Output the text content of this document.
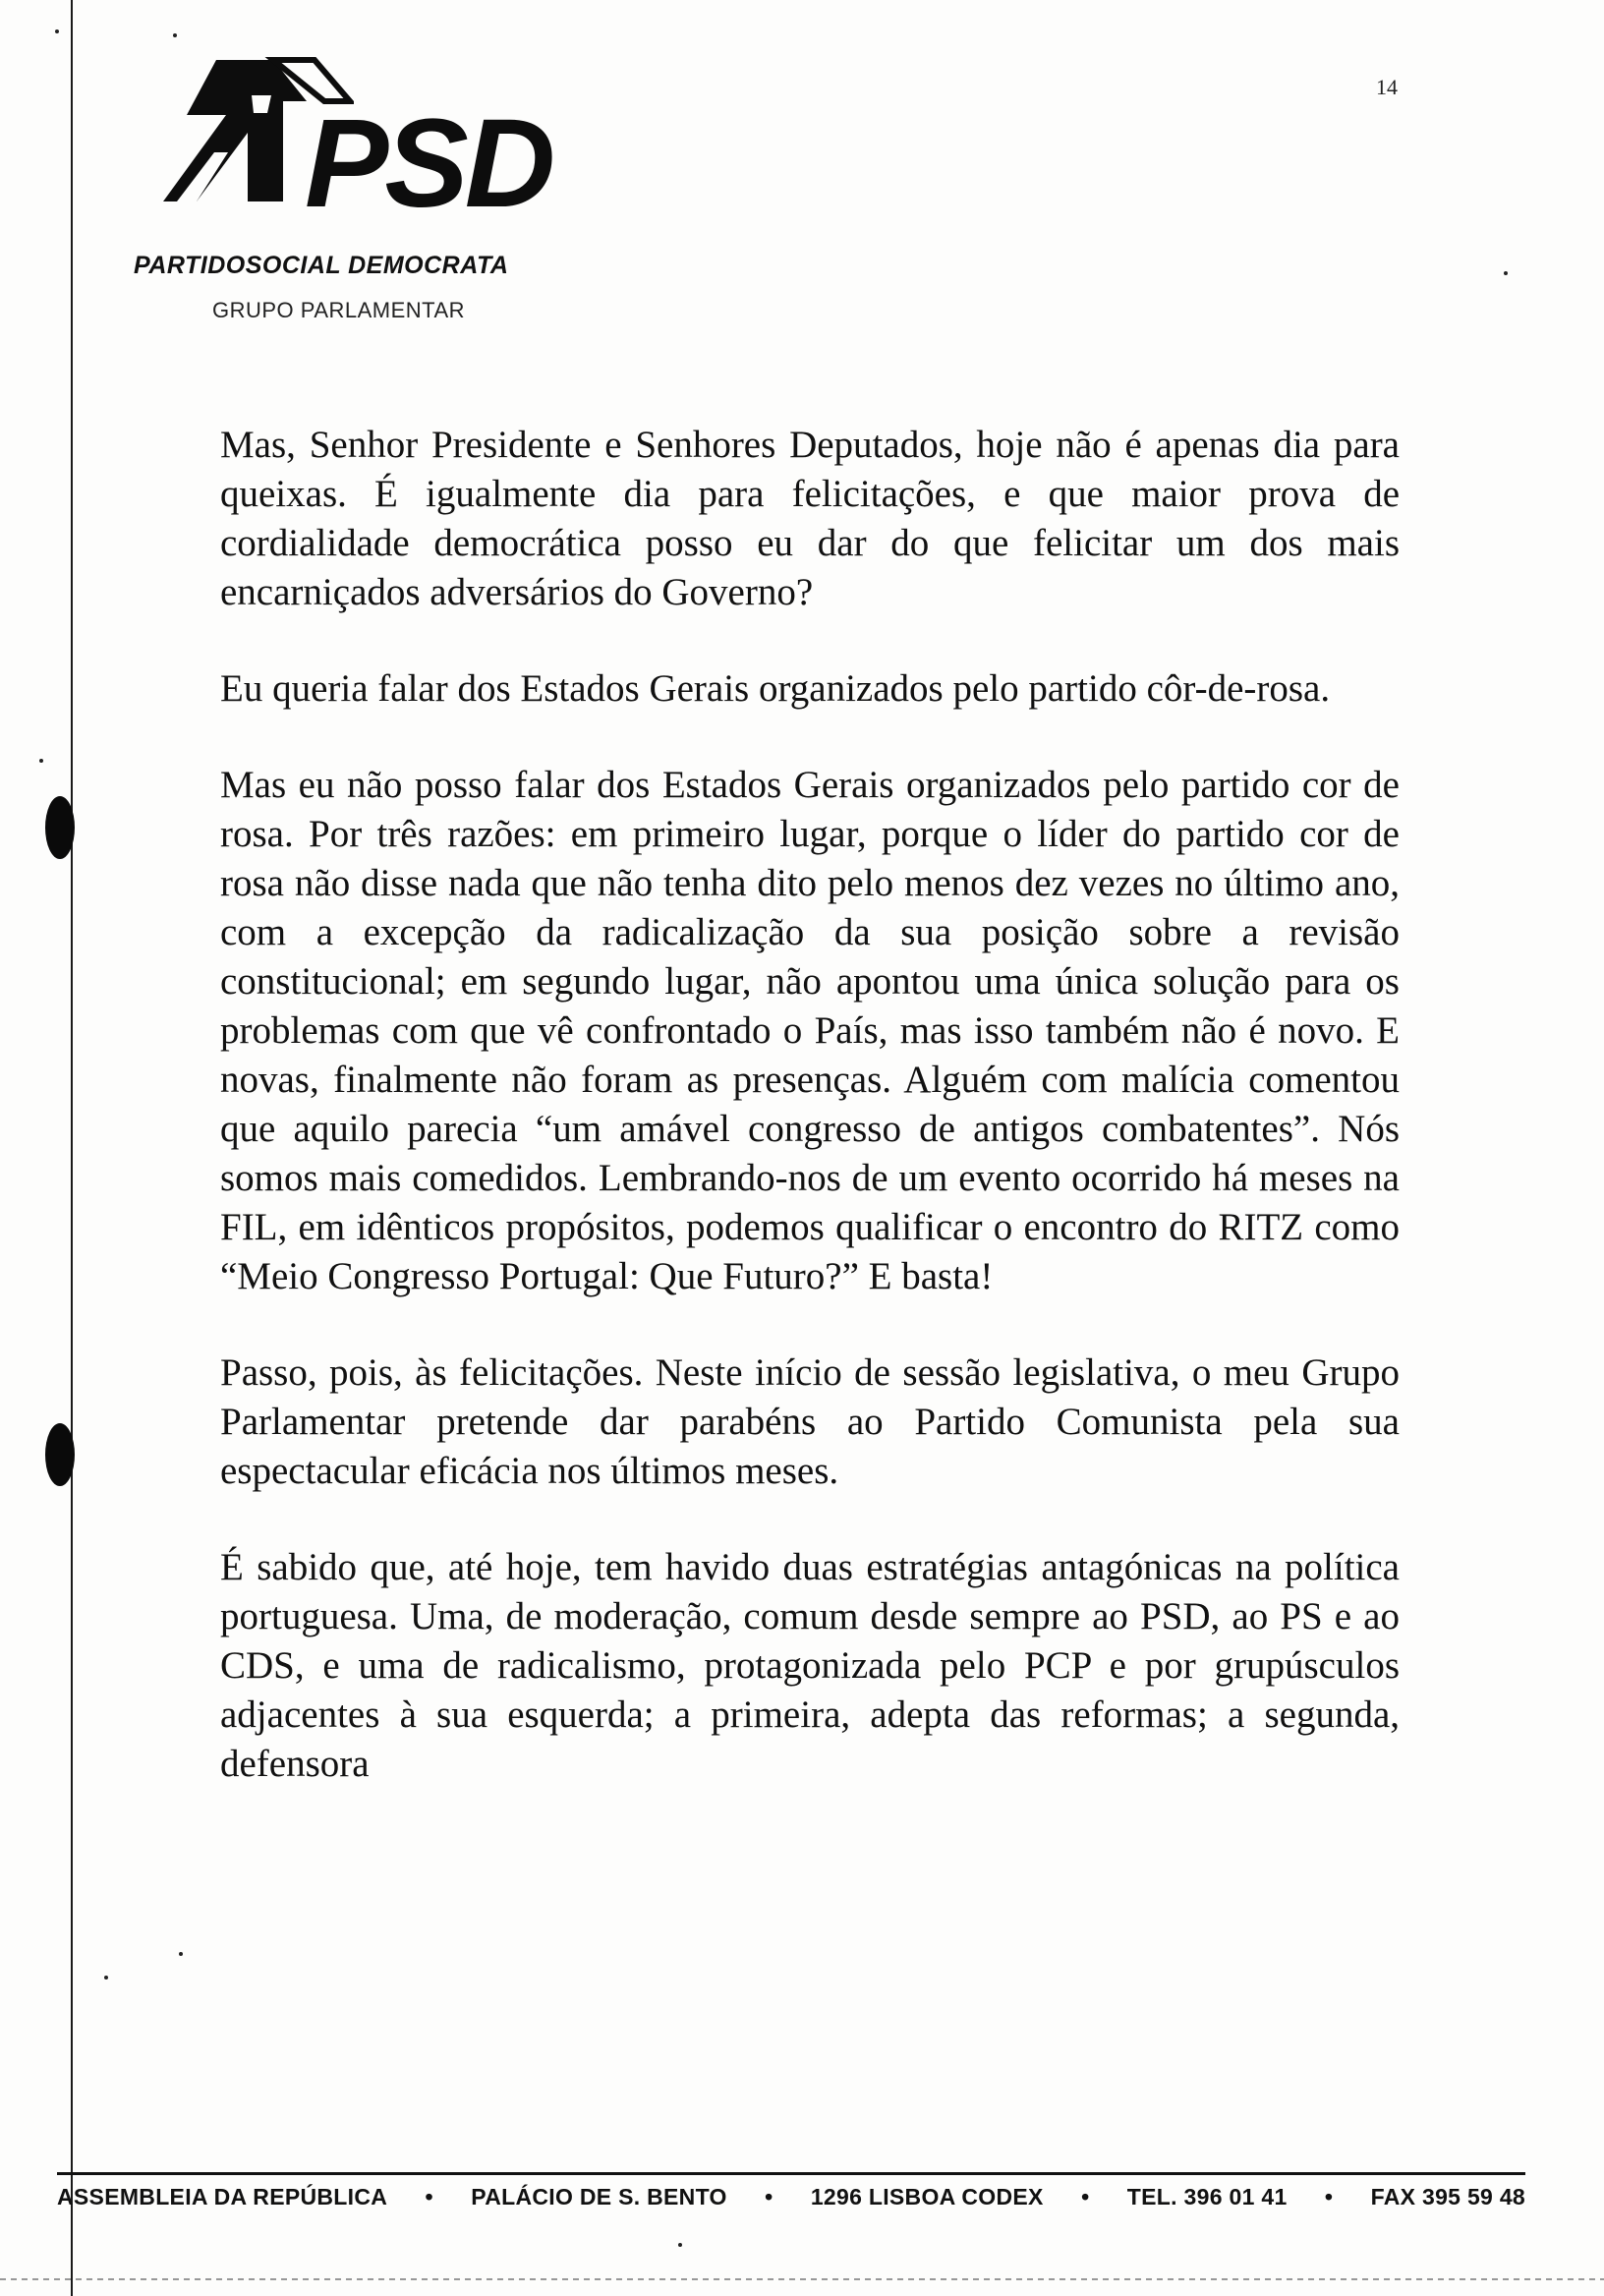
PSD
PARTIDOSOCIAL DEMOCRATA
GRUPO PARLAMENTAR
14

Mas, Senhor Presidente e Senhores Deputados, hoje não é apenas dia para queixas. É igualmente dia para felicitações, e que maior prova de cordialidade democrática posso eu dar do que felicitar um dos mais encarniçados adversários do Governo?

Eu queria falar dos Estados Gerais organizados pelo partido côr-de-rosa.

Mas eu não posso falar dos Estados Gerais organizados pelo partido cor de rosa. Por três razões: em primeiro lugar, porque o líder do partido cor de rosa não disse nada que não tenha dito pelo menos dez vezes no último ano, com a excepção da radicalização da sua posição sobre a revisão constitucional; em segundo lugar, não apontou uma única solução para os problemas com que vê confrontado o País, mas isso também não é novo. E novas, finalmente não foram as presenças. Alguém com malícia comentou que aquilo parecia “um amável congresso de antigos combatentes”. Nós somos mais comedidos. Lembrando-nos de um evento ocorrido há meses na FIL, em idênticos propósitos, podemos qualificar o encontro do RITZ como “Meio Congresso Portugal: Que Futuro?” E basta!

Passo, pois, às felicitações. Neste início de sessão legislativa, o meu Grupo Parlamentar pretende dar parabéns ao Partido Comunista pela sua espectacular eficácia nos últimos meses.

É sabido que, até hoje, tem havido duas estratégias antagónicas na política portuguesa. Uma, de moderação, comum desde sempre ao PSD, ao PS e ao CDS, e uma de radicalismo, protagonizada pelo PCP e por grupúsculos adjacentes à sua esquerda; a primeira, adepta das reformas; a segunda, defensora

ASSEMBLEIA DA REPÚBLICA • PALÁCIO DE S. BENTO • 1296 LISBOA CODEX • TEL. 396 01 41 • FAX 395 59 48
